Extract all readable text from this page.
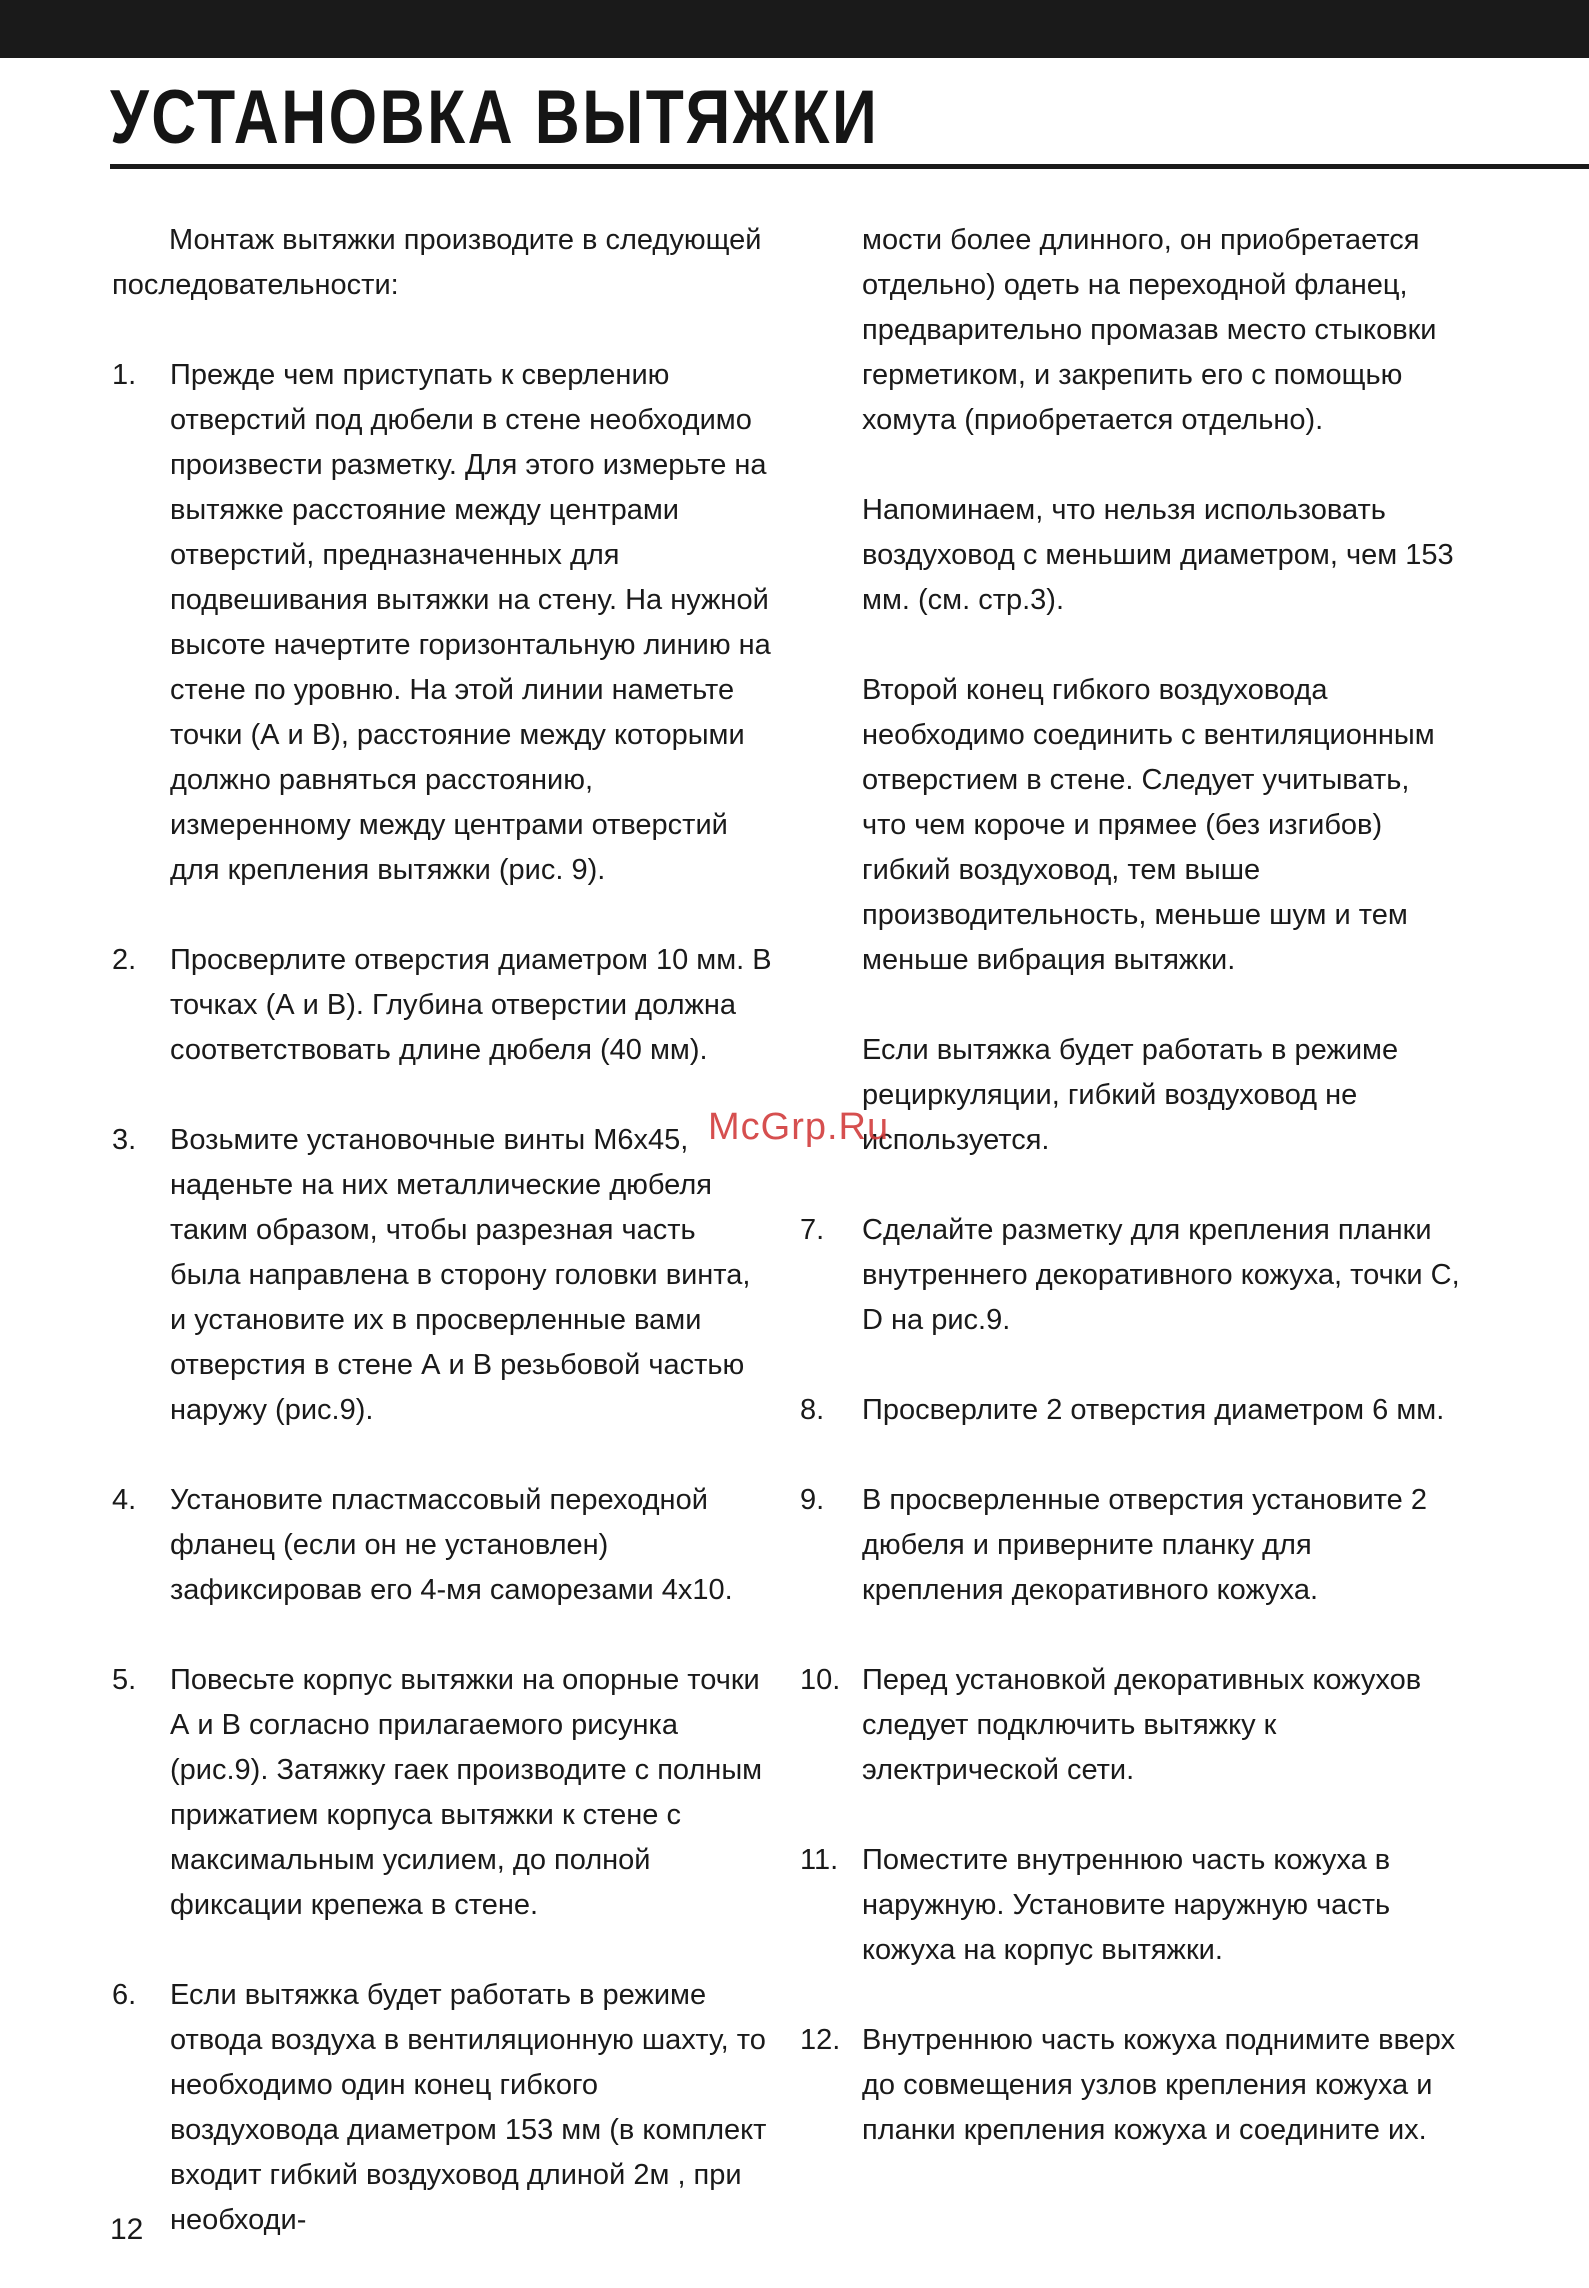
УСТАНОВКА ВЫТЯЖКИ

Монтаж вытяжки производите в следующей последовательности:

1.	Прежде чем приступать к сверлению отверстий под дюбели в стене необходимо произвести разметку. Для этого измерьте на вытяжке расстояние между центрами отверстий, предназначенных для подвешивания вытяжки на стену. На нужной высоте начертите горизонтальную линию на стене по уровню. На этой линии наметьте точки (А и В), расстояние между которыми должно равняться расстоянию, измеренному между центрами отверстий для крепления вытяжки (рис. 9).
2.	Просверлите отверстия диаметром 10 мм. В точках (А и В). Глубина отверстии должна соответствовать длине дюбеля (40 мм).
3.	Возьмите установочные винты М6х45, наденьте на них металлические дюбеля таким образом, чтобы разрезная часть была направлена в сторону головки винта, и установите их в просверленные вами отверстия в стене А и В резьбовой частью наружу (рис.9).
4.	Установите пластмассовый переходной фланец (если он не установлен) зафиксировав его 4-мя саморезами 4х10.
5.	Повесьте корпус вытяжки на опорные точки А и В согласно прилагаемого рисунка (рис.9). Затяжку гаек производите с полным прижатием корпуса вытяжки к стене с максимальным усилием, до полной фиксации крепежа в стене.
6.	Если вытяжка будет работать в режиме отвода воздуха в вентиляционную шахту, то необходимо один конец гибкого воздуховода диаметром 153 мм (в комплект входит гибкий воздуховод длиной 2м , при необходи-

мости более длинного, он приобретается отдельно) одеть на переходной фланец, предварительно промазав место стыковки герметиком, и закрепить его с помощью хомута (приобретается отдельно).

Напоминаем, что нельзя использовать воздуховод с меньшим диаметром, чем 153 мм. (см. стр.3).

Второй конец гибкого воздуховода необходимо соединить с вентиляционным отверстием в стене. Следует учитывать, что чем короче и прямее (без изгибов) гибкий воздуховод, тем выше производительность, меньше шум и тем меньше вибрация вытяжки.

Если вытяжка будет работать в режиме рециркуляции, гибкий воздуховод не используется.

7.	Сделайте разметку для крепления планки внутреннего декоративного кожуха, точки С, D на рис.9.
8.	Просверлите 2 отверстия диаметром 6 мм.
9.	В просверленные отверстия установите 2 дюбеля и приверните планку для крепления декоративного кожуха.
10. Перед установкой декоративных кожухов следует подключить вытяжку к электрической сети.
11. Поместите внутреннюю часть кожуха в наружную. Установите наружную часть кожуха на корпус вытяжки.
12. Внутреннюю часть кожуха поднимите вверх до совмещения узлов крепления кожуха и планки крепления кожуха и соедините их.
McGrp.Ru
12
